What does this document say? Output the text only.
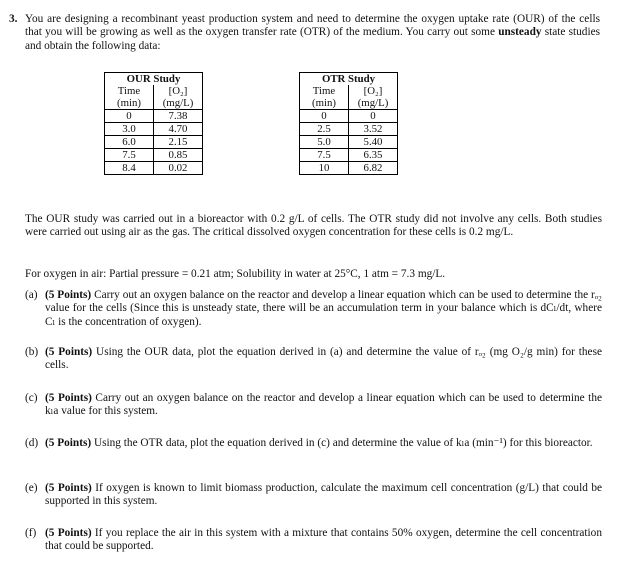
3. You are designing a recombinant yeast production system and need to determine the oxygen uptake rate (OUR) of the cells that you will be growing as well as the oxygen transfer rate (OTR) of the medium. You carry out some unsteady state studies and obtain the following data:
OUR Study	
Time	[O₂]
(min)	(mg/L)
0	7.38
3.0	4.70
6.0	2.15
7.5	0.85
8.4	0.02
OTR Study	
Time	[O₂]
(min)	(mg/L)
0	0
2.5	3.52
5.0	5.40
7.5	6.35
10	6.82
The OUR study was carried out in a bioreactor with 0.2 g/L of cells. The OTR study did not involve any cells. Both studies were carried out using air as the gas. The critical dissolved oxygen concentration for these cells is 0.2 mg/L.
For oxygen in air: Partial pressure = 0.21 atm; Solubility in water at 25°C, 1 atm = 7.3 mg/L.
(a) (5 Points) Carry out an oxygen balance on the reactor and develop a linear equation which can be used to determine the rₒ₂ value for the cells (Since this is unsteady state, there will be an accumulation term in your balance which is dCₗ/dt, where Cₗ is the concentration of oxygen).
(b) (5 Points) Using the OUR data, plot the equation derived in (a) and determine the value of rₒ₂ (mg O₂/g min) for these cells.
(c) (5 Points) Carry out an oxygen balance on the reactor and develop a linear equation which can be used to determine the kₗa value for this system.
(d) (5 Points) Using the OTR data, plot the equation derived in (c) and determine the value of kₗa (min⁻¹) for this bioreactor.
(e) (5 Points) If oxygen is known to limit biomass production, calculate the maximum cell concentration (g/L) that could be supported in this system.
(f) (5 Points) If you replace the air in this system with a mixture that contains 50% oxygen, determine the cell concentration that could be supported.
